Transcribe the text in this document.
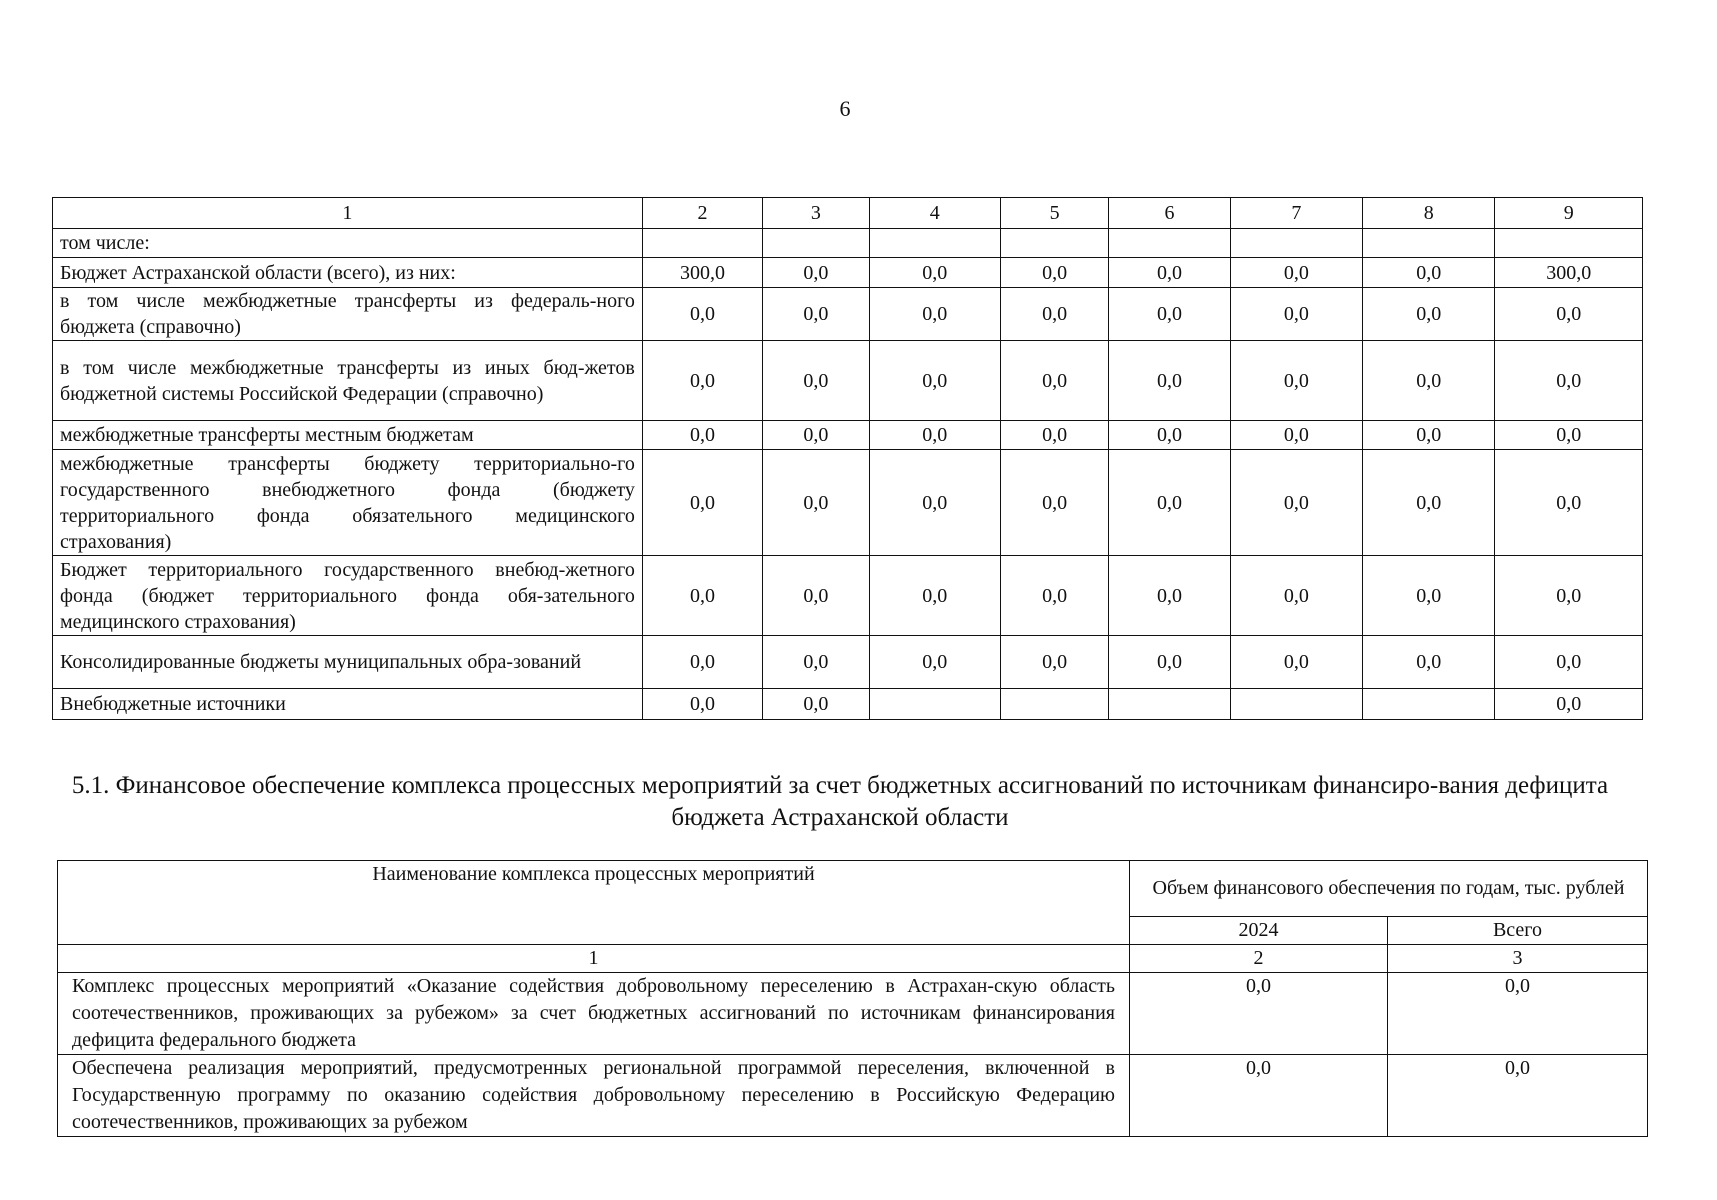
6
1	2	3	4	5	6	7	8	9
том числе:								
Бюджет Астраханской области (всего), из них:	300,0	0,0	0,0	0,0	0,0	0,0	0,0	300,0
в том числе межбюджетные трансферты из федераль-ного бюджета (справочно)	0,0	0,0	0,0	0,0	0,0	0,0	0,0	0,0
в том числе межбюджетные трансферты из иных бюд-жетов бюджетной системы Российской Федерации (справочно)	0,0	0,0	0,0	0,0	0,0	0,0	0,0	0,0
межбюджетные трансферты местным бюджетам	0,0	0,0	0,0	0,0	0,0	0,0	0,0	0,0
межбюджетные трансферты бюджету территориально-го государственного внебюджетного фонда (бюджету территориального фонда обязательного медицинского страхования)	0,0	0,0	0,0	0,0	0,0	0,0	0,0	0,0
Бюджет территориального государственного внебюд-жетного фонда (бюджет территориального фонда обя-зательного медицинского страхования)	0,0	0,0	0,0	0,0	0,0	0,0	0,0	0,0
Консолидированные бюджеты муниципальных обра-зований	0,0	0,0	0,0	0,0	0,0	0,0	0,0	0,0
Внебюджетные источники	0,0	0,0						0,0
5.1. Финансовое обеспечение комплекса процессных мероприятий за счет бюджетных ассигнований по источникам финансиро-вания дефицита бюджета Астраханской области
Наименование комплекса процессных мероприятий	Объем финансового обеспечения по годам, тыс. рублей	
	2024	Всего
1	2	3
Комплекс процессных мероприятий «Оказание содействия добровольному переселению в Астрахан-скую область соотечественников, проживающих за рубежом» за счет бюджетных ассигнований по источникам финансирования дефицита федерального бюджета	0,0	0,0
Обеспечена реализация мероприятий, предусмотренных региональной программой переселения, включенной в Государственную программу по оказанию содействия добровольному переселению в Российскую Федерацию соотечественников, проживающих за рубежом	0,0	0,0
